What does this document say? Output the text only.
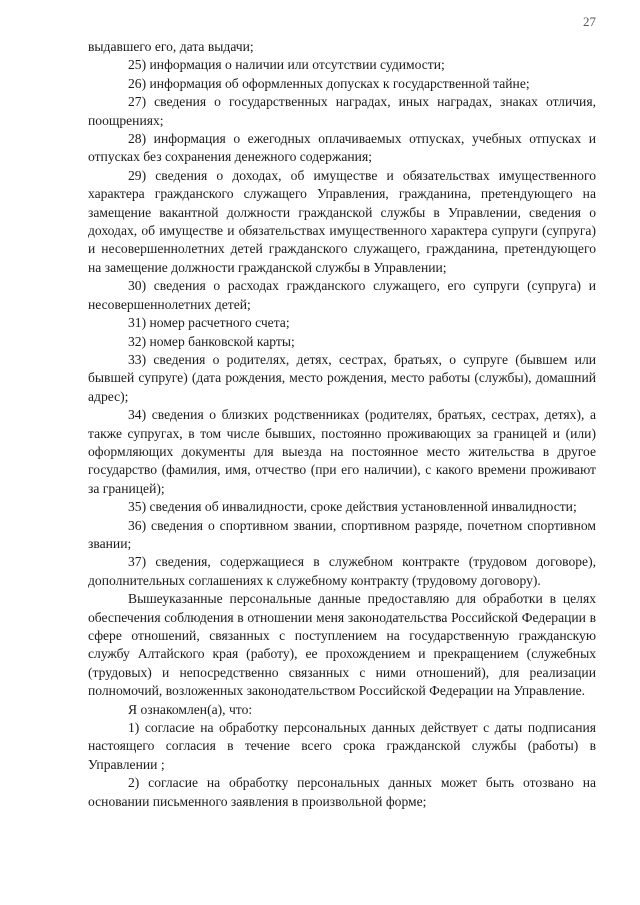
27

выдавшего его, дата выдачи;

25) информация о наличии или отсутствии судимости;

26) информация об оформленных допусках к государственной тайне;

27) сведения о государственных наградах, иных наградах, знаках отличия, поощрениях;

28) информация о ежегодных оплачиваемых отпусках, учебных отпусках и отпусках без сохранения денежного содержания;

29) сведения о доходах, об имуществе и обязательствах имущественного характера гражданского служащего Управления, гражданина, претендующего на замещение вакантной должности гражданской службы в Управлении, сведения о доходах, об имуществе и обязательствах имущественного характера супруги (супруга) и несовершеннолетних детей гражданского служащего, гражданина, претендующего на замещение должности гражданской службы в Управлении;

30) сведения о расходах гражданского служащего, его супруги (супруга) и несовершеннолетних детей;

31) номер расчетного счета;

32) номер банковской карты;

33) сведения о родителях, детях, сестрах, братьях, о супруге (бывшем или бывшей супруге) (дата рождения, место рождения, место работы (службы), домашний адрес);

34) сведения о близких родственниках (родителях, братьях, сестрах, детях), а также супругах, в том числе бывших, постоянно проживающих за границей и (или) оформляющих документы для выезда на постоянное место жительства в другое государство (фамилия, имя, отчество (при его наличии), с какого времени проживают за границей);

35) сведения об инвалидности, сроке действия установленной инвалидности;

36) сведения о спортивном звании, спортивном разряде, почетном спортивном звании;

37) сведения, содержащиеся в служебном контракте (трудовом договоре), дополнительных соглашениях к служебному контракту (трудовому договору).

Вышеуказанные персональные данные предоставляю для обработки в целях обеспечения соблюдения в отношении меня законодательства Российской Федерации в сфере отношений, связанных с поступлением на государственную гражданскую службу Алтайского края (работу), ее прохождением и прекращением (служебных (трудовых) и непосредственно связанных с ними отношений), для реализации полномочий, возложенных законодательством Российской Федерации на Управление.

Я ознакомлен(а), что:

1) согласие на обработку персональных данных действует с даты подписания настоящего согласия в течение всего срока гражданской службы (работы) в Управлении ;

2) согласие на обработку персональных данных может быть отозвано на основании письменного заявления в произвольной форме;
